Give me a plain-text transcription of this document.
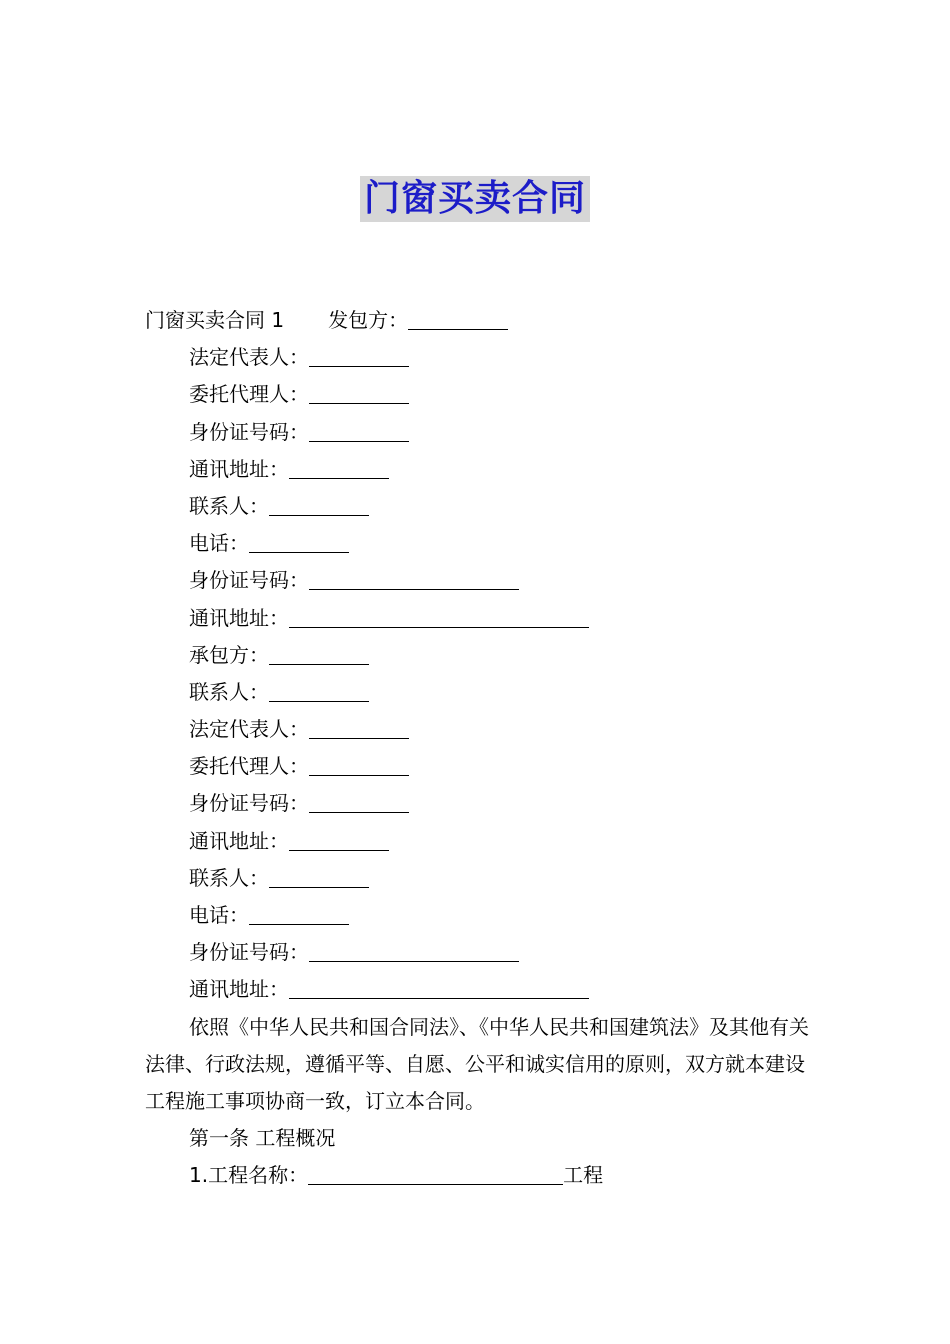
门窗买卖合同
门窗买卖合同 1 发包方：
法定代表人：
委托代理人：
身份证号码：
通讯地址：
联系人：
电话：
身份证号码：
通讯地址：
承包方：
联系人：
法定代表人：
委托代理人：
身份证号码：
通讯地址：
联系人：
电话：
身份证号码：
通讯地址：
依照《中华人民共和国合同法》、《中华人民共和国建筑法》及其他有关法律、行政法规，遵循平等、自愿、公平和诚实信用的原则，双方就本建设工程施工事项协商一致，订立本合同。
第一条 工程概况
1.工程名称：	工程
